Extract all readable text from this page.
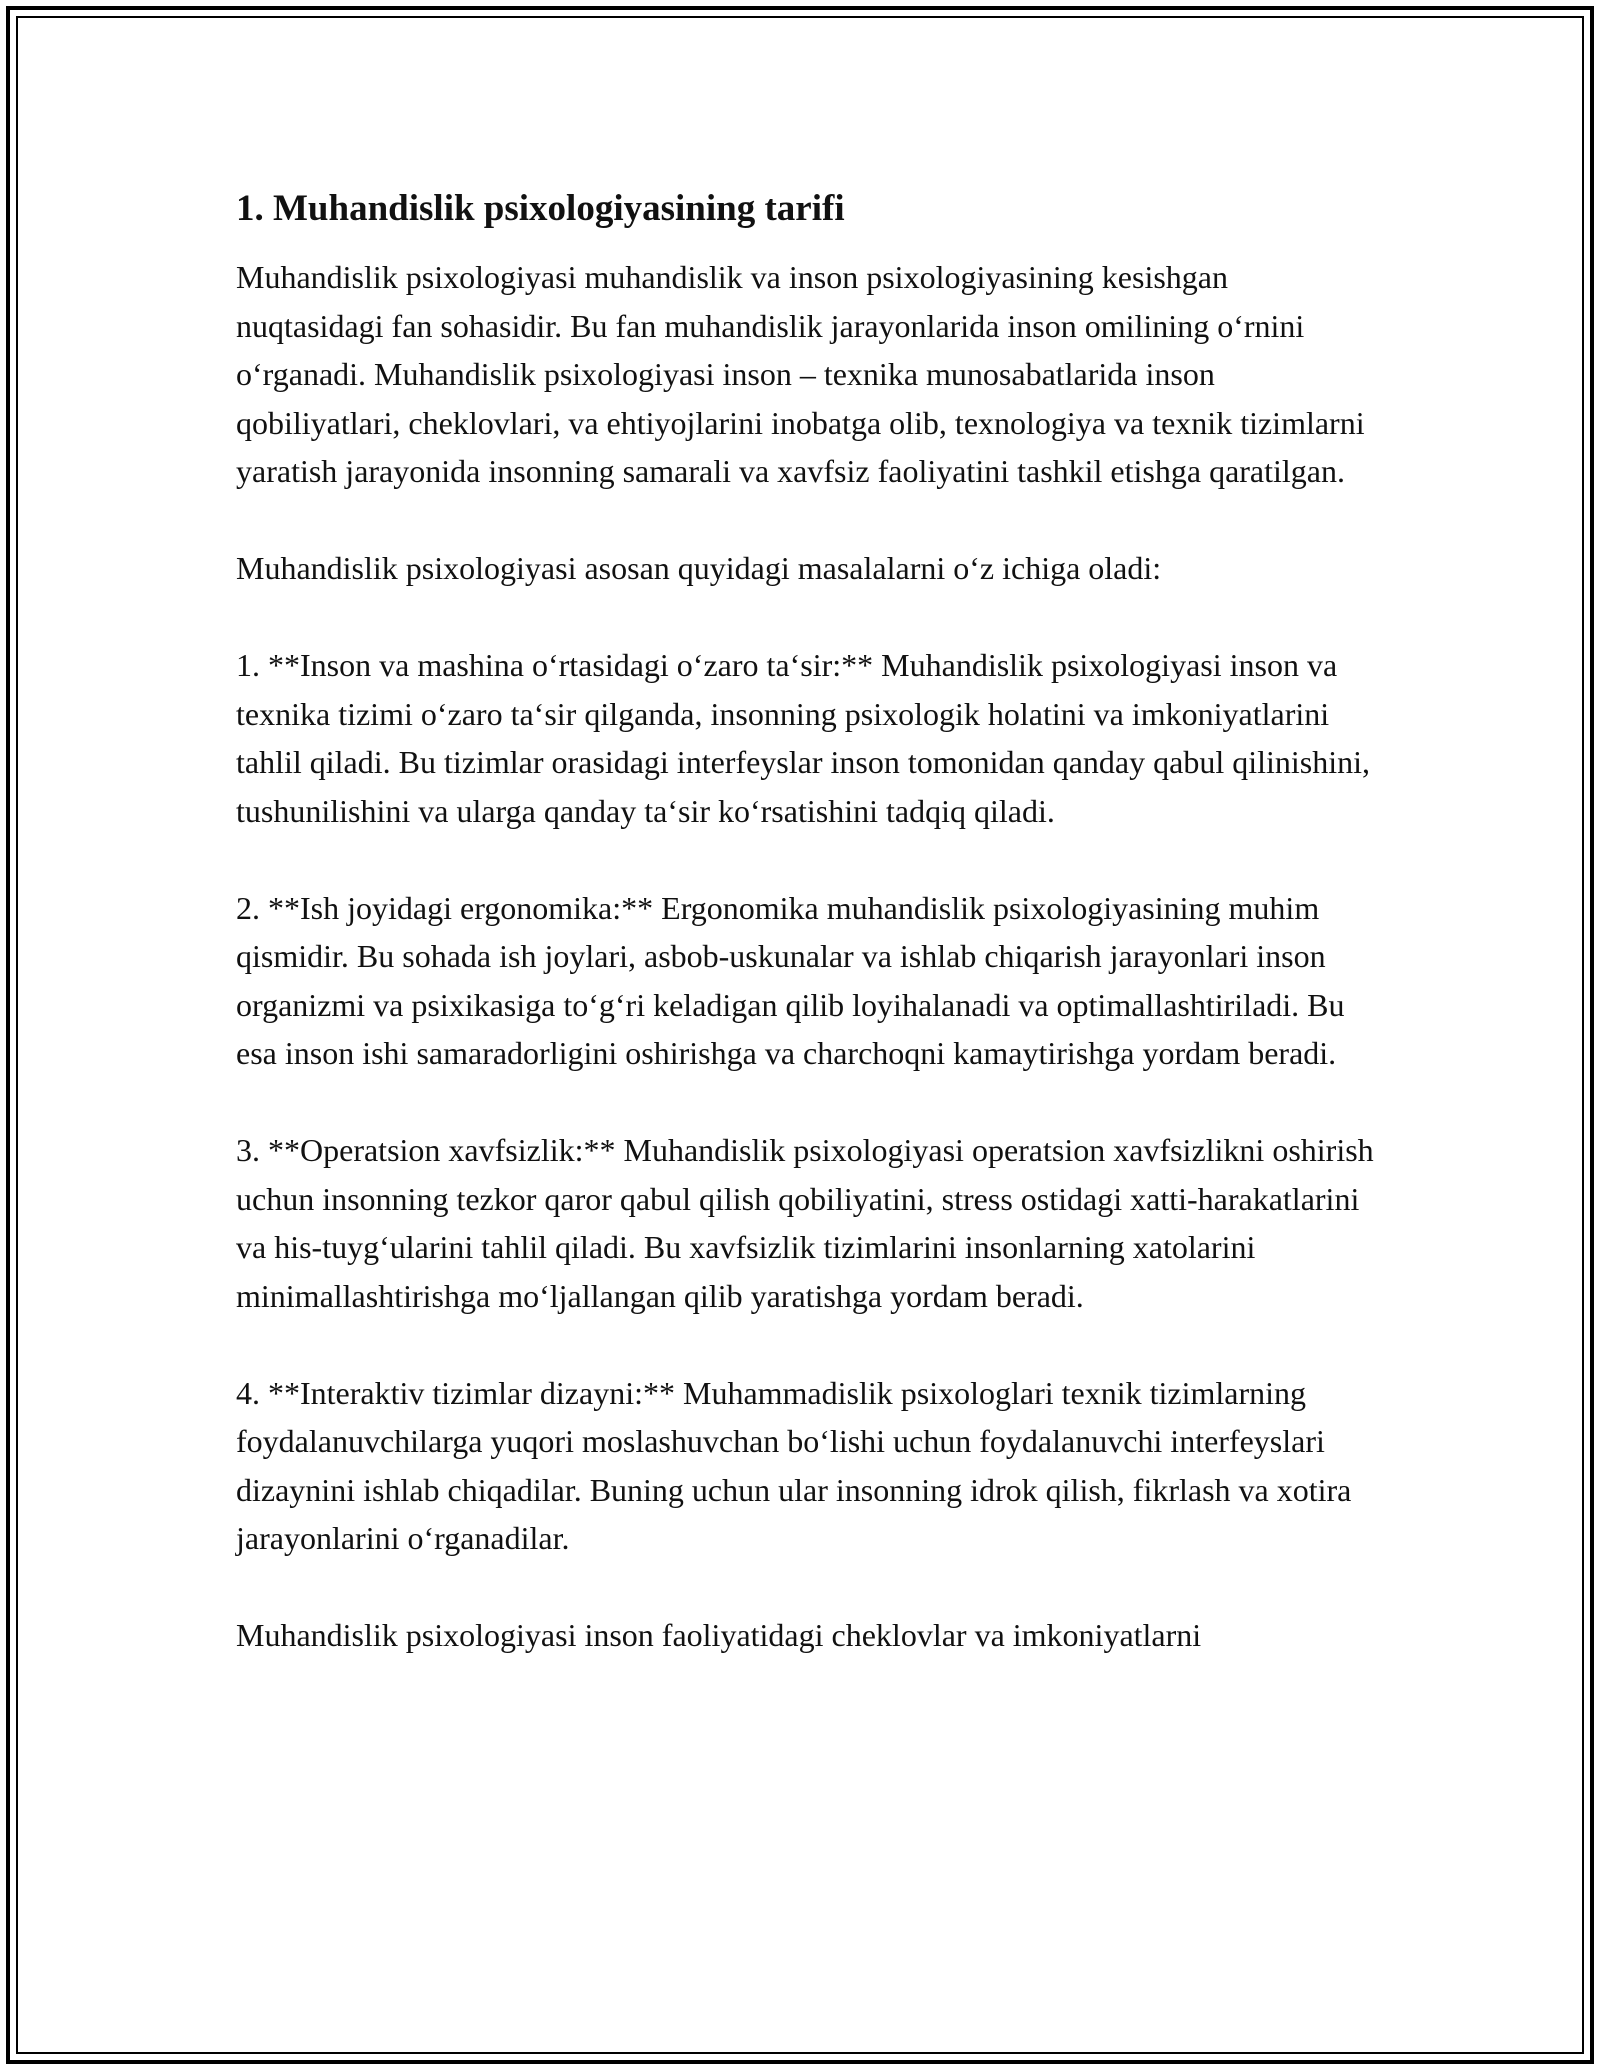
1. Muhandislik psixologiyasining tarifi

Muhandislik psixologiyasi muhandislik va inson psixologiyasining kesishgan nuqtasidagi fan sohasidir. Bu fan muhandislik jarayonlarida inson omilining o‘rnini o‘rganadi. Muhandislik psixologiyasi inson – texnika munosabatlarida inson qobiliyatlari, cheklovlari, va ehtiyojlarini inobatga olib, texnologiya va texnik tizimlarni yaratish jarayonida insonning samarali va xavfsiz faoliyatini tashkil etishga qaratilgan.

Muhandislik psixologiyasi asosan quyidagi masalalarni o‘z ichiga oladi:

1. **Inson va mashina o‘rtasidagi o‘zaro ta‘sir:** Muhandislik psixologiyasi inson va texnika tizimi o‘zaro ta‘sir qilganda, insonning psixologik holatini va imkoniyatlarini tahlil qiladi. Bu tizimlar orasidagi interfeyslar inson tomonidan qanday qabul qilinishini, tushunilishini va ularga qanday ta‘sir ko‘rsatishini tadqiq qiladi.

2. **Ish joyidagi ergonomika:** Ergonomika muhandislik psixologiyasining muhim qismidir. Bu sohada ish joylari, asbob-uskunalar va ishlab chiqarish jarayonlari inson organizmi va psixikasiga to‘g‘ri keladigan qilib loyihalanadi va optimallashtiriladi. Bu esa inson ishi samaradorligini oshirishga va charchoqni kamaytirishga yordam beradi.

3. **Operatsion xavfsizlik:** Muhandislik psixologiyasi operatsion xavfsizlikni oshirish uchun insonning tezkor qaror qabul qilish qobiliyatini, stress ostidagi xatti-harakatlarini va his-tuyg‘ularini tahlil qiladi. Bu xavfsizlik tizimlarini insonlarning xatolarini minimallashtirishga mo‘ljallangan qilib yaratishga yordam beradi.

4. **Interaktiv tizimlar dizayni:** Muhammadislik psixologlari texnik tizimlarning foydalanuvchilarga yuqori moslashuvchan bo‘lishi uchun foydalanuvchi interfeyslari dizaynini ishlab chiqadilar. Buning uchun ular insonning idrok qilish, fikrlash va xotira jarayonlarini o‘rganadilar.

Muhandislik psixologiyasi inson faoliyatidagi cheklovlar va imkoniyatlarni
